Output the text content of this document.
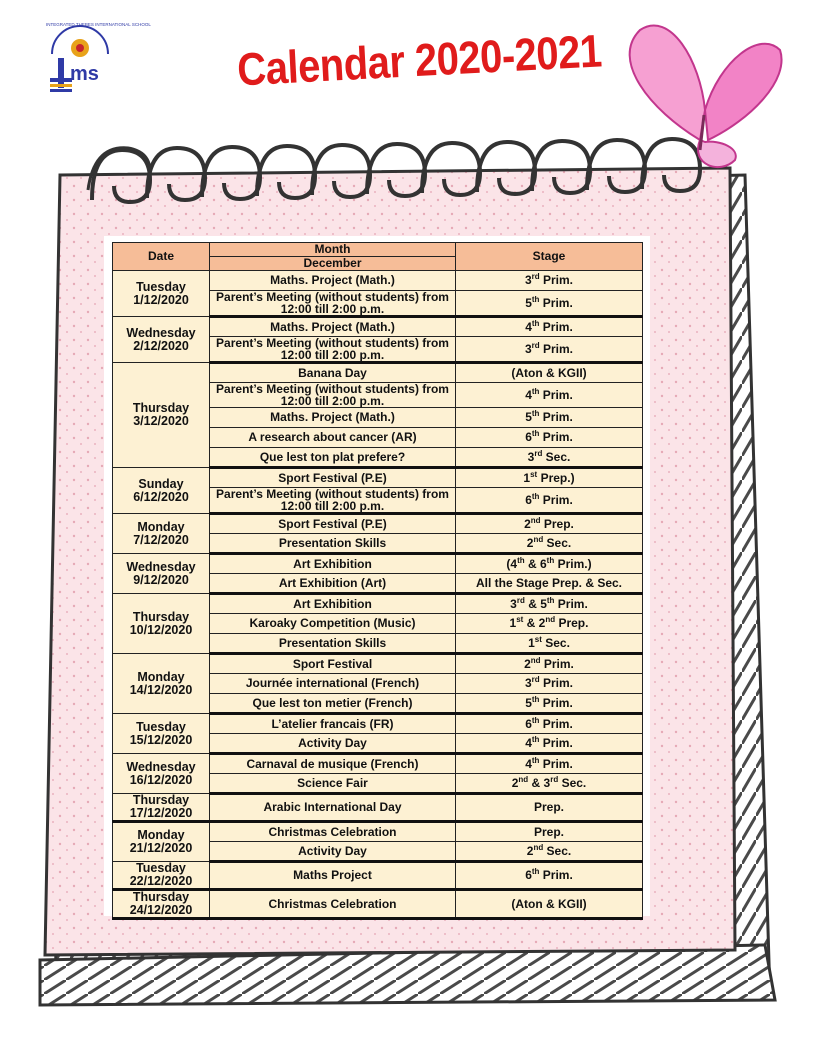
ms
INTEGRATED THEBES INTERNATIONAL SCHOOL
Calendar 2020-2021
Date	Month	Stage
	December	

Tuesday
1/12/2020	Maths. Project (Math.)	3rd Prim.
	Parent’s Meeting (without students) from 12:00 till 2:00 p.m.	5th Prim.

Wednesday
2/12/2020	Maths. Project (Math.)	4th Prim.
	Parent’s Meeting (without students) from 12:00 till 2:00 p.m.	3rd Prim.

Thursday
3/12/2020	Banana Day	(Aton & KGII)
	Parent’s Meeting (without students) from 12:00 till 2:00 p.m.	4th Prim.
	Maths. Project (Math.)	5th Prim.
	A research about cancer (AR)	6th Prim.
	Que lest ton plat prefere?	3rd Sec.

Sunday
6/12/2020	Sport Festival (P.E)	1st Prep.)
	Parent’s Meeting (without students) from 12:00 till 2:00 p.m.	6th Prim.

Monday
7/12/2020	Sport Festival (P.E)	2nd Prep.
	Presentation Skills	2nd Sec.

Wednesday
9/12/2020	Art Exhibition	(4th & 6th Prim.)
	Art Exhibition (Art)	All the Stage Prep. & Sec.

Thursday
10/12/2020	Art Exhibition	3rd & 5th Prim.
	Karoaky Competition (Music)	1st & 2nd Prep.
	Presentation Skills	1st Sec.

Monday
14/12/2020	Sport Festival	2nd Prim.
	Journée international (French)	3rd Prim.
	Que lest ton metier (French)	5th Prim.

Tuesday
15/12/2020	L’atelier francais (FR)	6th Prim.
	Activity Day	4th Prim.

Wednesday
16/12/2020	Carnaval de musique (French)	4th Prim.
	Science Fair	2nd & 3rd Sec.

Thursday
17/12/2020	Arabic International Day	Prep.

Monday
21/12/2020	Christmas Celebration	Prep.
	Activity Day	2nd Sec.

Tuesday
22/12/2020	Maths Project	6th Prim.

Thursday
24/12/2020	Christmas Celebration	(Aton & KGII)
